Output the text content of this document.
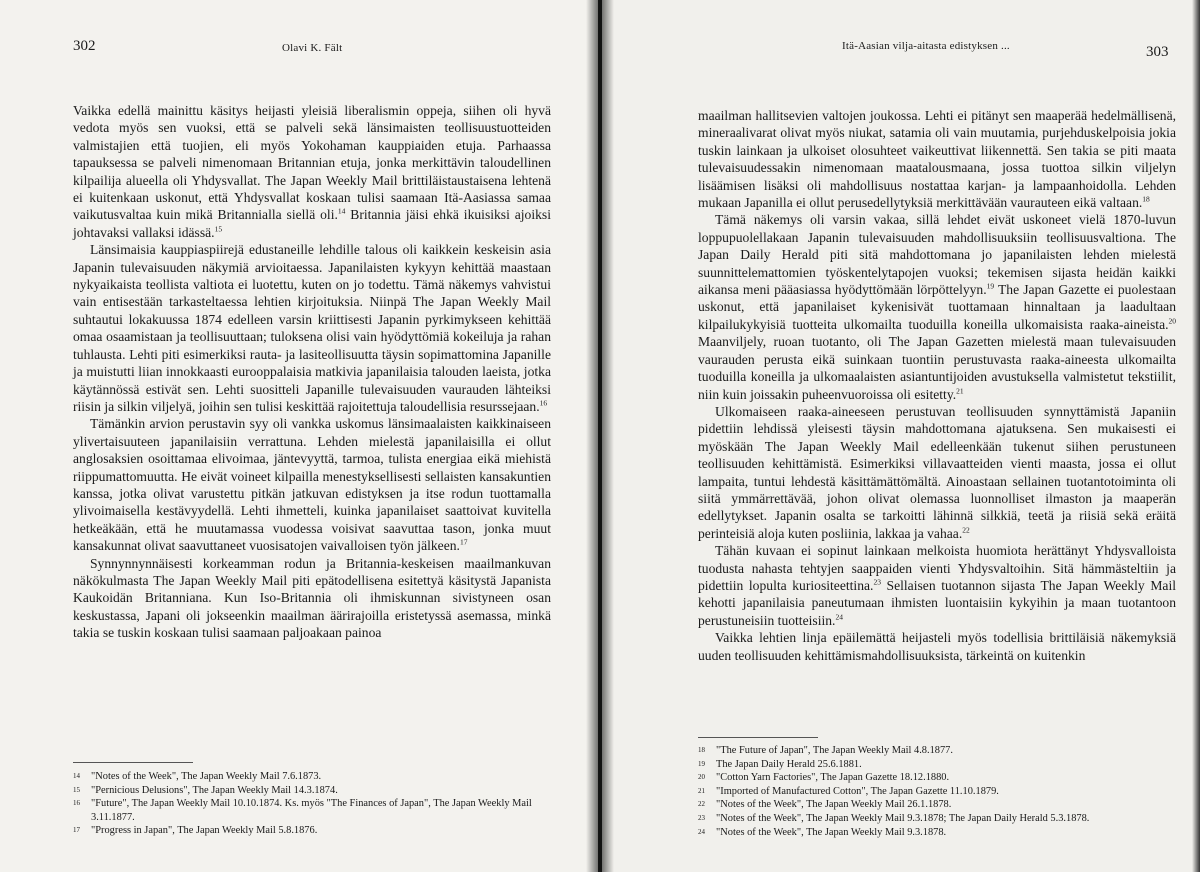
302	Olavi K. Fält

Vaikka edellä mainittu käsitys heijasti yleisiä liberalismin oppeja, siihen oli hyvä vedota myös sen vuoksi, että se palveli sekä länsimaisten teollisuustuotteiden valmistajien että tuojien, eli myös Yokohaman kauppiaiden etuja. Parhaassa tapauksessa se palveli nimenomaan Britannian etuja, jonka merkittävin taloudellinen kilpailija alueella oli Yhdysvallat. The Japan Weekly Mail brittiläistaustaisena lehtenä ei kuitenkaan uskonut, että Yhdysvallat koskaan tulisi saamaan Itä-Aasiassa samaa vaikutusvaltaa kuin mikä Britannialla siellä oli.$^{14}$ Britannia jäisi ehkä ikuisiksi ajoiksi johtavaksi vallaksi idässä.$^{15}$

Länsimaisia kauppiaspiirejä edustaneille lehdille talous oli kaikkein keskeisin asia Japanin tulevaisuuden näkymiä arvioitaessa. Japanilaisten kykyyn kehittää maastaan nykyaikaista teollista valtiota ei luotettu, kuten on jo todettu. Tämä näkemys vahvistui vain entisestään tarkasteltaessa lehtien kirjoituksia. Niinpä The Japan Weekly Mail suhtautui lokakuussa 1874 edelleen varsin kriittisesti Japanin pyrkimykseen kehittää omaa osaamistaan ja teollisuuttaan; tuloksena olisi vain hyödyttömiä kokeiluja ja rahan tuhlausta. Lehti piti esimerkiksi rauta- ja lasiteollisuutta täysin sopimattomina Japanille ja muistutti liian innokkaasti eurooppalaisia matkivia japanilaisia talouden laeista, jotka käytännössä estivät sen. Lehti suositteli Japanille tulevaisuuden vaurauden lähteiksi riisin ja silkin viljelyä, joihin sen tulisi keskittää rajoitettuja taloudellisia resurssejaan.$^{16}$

Tämänkin arvion perustavin syy oli vankka uskomus länsimaalaisten kaikkinaiseen ylivertaisuuteen japanilaisiin verrattuna. Lehden mielestä japanilaisilla ei ollut anglosaksien osoittamaa elivoimaa, jäntevyyttä, tarmoa, tulista energiaa eikä miehistä riippumattomuutta. He eivät voineet kilpailla menestyksellisesti sellaisten kansakuntien kanssa, jotka olivat varustettu pitkän jatkuvan edistyksen ja itse rodun tuottamalla ylivoimaisella kestävyydellä. Lehti ihmetteli, kuinka japanilaiset saattoivat kuvitella hetkeäkään, että he muutamassa vuodessa voisivat saavuttaa tason, jonka muut kansakunnat olivat saavuttaneet vuosisatojen vaivalloisen työn jälkeen.$^{17}$

Synnynnynnäisesti korkeamman rodun ja Britannia-keskeisen maailmankuvan näkökulmasta The Japan Weekly Mail piti epätodellisena esitettyä käsitystä Japanista Kaukoidän Britanniana. Kun Iso-Britannia oli ihmiskunnan sivistyneen osan keskustassa, Japani oli jokseenkin maailman äärirajoilla eristetyssä asemassa, minkä takia se tuskin koskaan tulisi saamaan paljoakaan painoa

14	"Notes of the Week", The Japan Weekly Mail 7.6.1873.
15	"Pernicious Delusions", The Japan Weekly Mail 14.3.1874.
16	"Future", The Japan Weekly Mail 10.10.1874. Ks. myös "The Finances of Japan", The Japan Weekly Mail 3.11.1877.
17	"Progress in Japan", The Japan Weekly Mail 5.8.1876.
Itä-Aasian vilja-aitasta edistyksen ...	303

maailman hallitsevien valtojen joukossa. Lehti ei pitänyt sen maaperää hedelmällisenä, mineraalivarat olivat myös niukat, satamia oli vain muutamia, purjehduskelpoisia jokia tuskin lainkaan ja ulkoiset olosuhteet vaikeuttivat liikennettä. Sen takia se piti maata tulevaisuudessakin nimenomaan maatalousmaana, jossa tuottoa silkin viljelyn lisäämisen lisäksi oli mahdollisuus nostattaa karjan- ja lampaanhoidolla. Lehden mukaan Japanilla ei ollut perusedellytyksiä merkittävään vaurauteen eikä valtaan.$^{18}$

Tämä näkemys oli varsin vakaa, sillä lehdet eivät uskoneet vielä 1870-luvun loppupuolellakaan Japanin tulevaisuuden mahdollisuuksiin teollisuusvaltiona. The Japan Daily Herald piti sitä mahdottomana jo japanilaisten lehden mielestä suunnittelemattomien työskentelytapojen vuoksi; tekemisen sijasta heidän kaikki aikansa meni pääasiassa hyödyttömään lörpöttelyyn.$^{19}$ The Japan Gazette ei puolestaan uskonut, että japanilaiset kykenisivät tuottamaan hinnaltaan ja laadultaan kilpailukykyisiä tuotteita ulkomailta tuoduilla koneilla ulkomaisista raaka-aineista.$^{20}$ Maanviljely, ruoan tuotanto, oli The Japan Gazetten mielestä maan tulevaisuuden vaurauden perusta eikä suinkaan tuontiin perustuvasta raaka-aineesta ulkomailta tuoduilla koneilla ja ulkomaalaisten asiantuntijoiden avustuksella valmistetut tekstiilit, niin kuin joissakin puheenvuoroissa oli esitetty.$^{21}$

Ulkomaiseen raaka-aineeseen perustuvan teollisuuden synnyttämistä Japaniin pidettiin lehdissä yleisesti täysin mahdottomana ajatuksena. Sen mukaisesti ei myöskään The Japan Weekly Mail edelleenkään tukenut siihen perustuneen teollisuuden kehittämistä. Esimerkiksi villavaatteiden vienti maasta, jossa ei ollut lampaita, tuntui lehdestä käsittämättömältä. Ainoastaan sellainen tuotantotoiminta oli siitä ymmärrettävää, johon olivat olemassa luonnolliset ilmaston ja maaperän edellytykset. Japanin osalta se tarkoitti lähinnä silkkiä, teetä ja riisiä sekä eräitä perinteisiä aloja kuten posliinia, lakkaa ja vahaa.$^{22}$

Tähän kuvaan ei sopinut lainkaan melkoista huomiota herättänyt Yhdysvalloista tuodusta nahasta tehtyjen saappaiden vienti Yhdysvaltoihin. Sitä hämmästeltiin ja pidettiin lopulta kuriositeettina.$^{23}$ Sellaisen tuotannon sijasta The Japan Weekly Mail kehotti japanilaisia paneutumaan ihmisten luontaisiin kykyihin ja maan tuotantoon perustuneisiin tuotteisiin.$^{24}$

Vaikka lehtien linja epäilemättä heijasteli myös todellisia brittiläisiä näkemyksiä uuden teollisuuden kehittämismahdollisuuksista, tärkeintä on kuitenkin

18	"The Future of Japan", The Japan Weekly Mail 4.8.1877.
19	The Japan Daily Herald 25.6.1881.
20	"Cotton Yarn Factories", The Japan Gazette 18.12.1880.
21	"Imported of Manufactured Cotton", The Japan Gazette 11.10.1879.
22	"Notes of the Week", The Japan Weekly Mail 26.1.1878.
23	"Notes of the Week", The Japan Weekly Mail 9.3.1878; The Japan Daily Herald 5.3.1878.
24	"Notes of the Week", The Japan Weekly Mail 9.3.1878.
